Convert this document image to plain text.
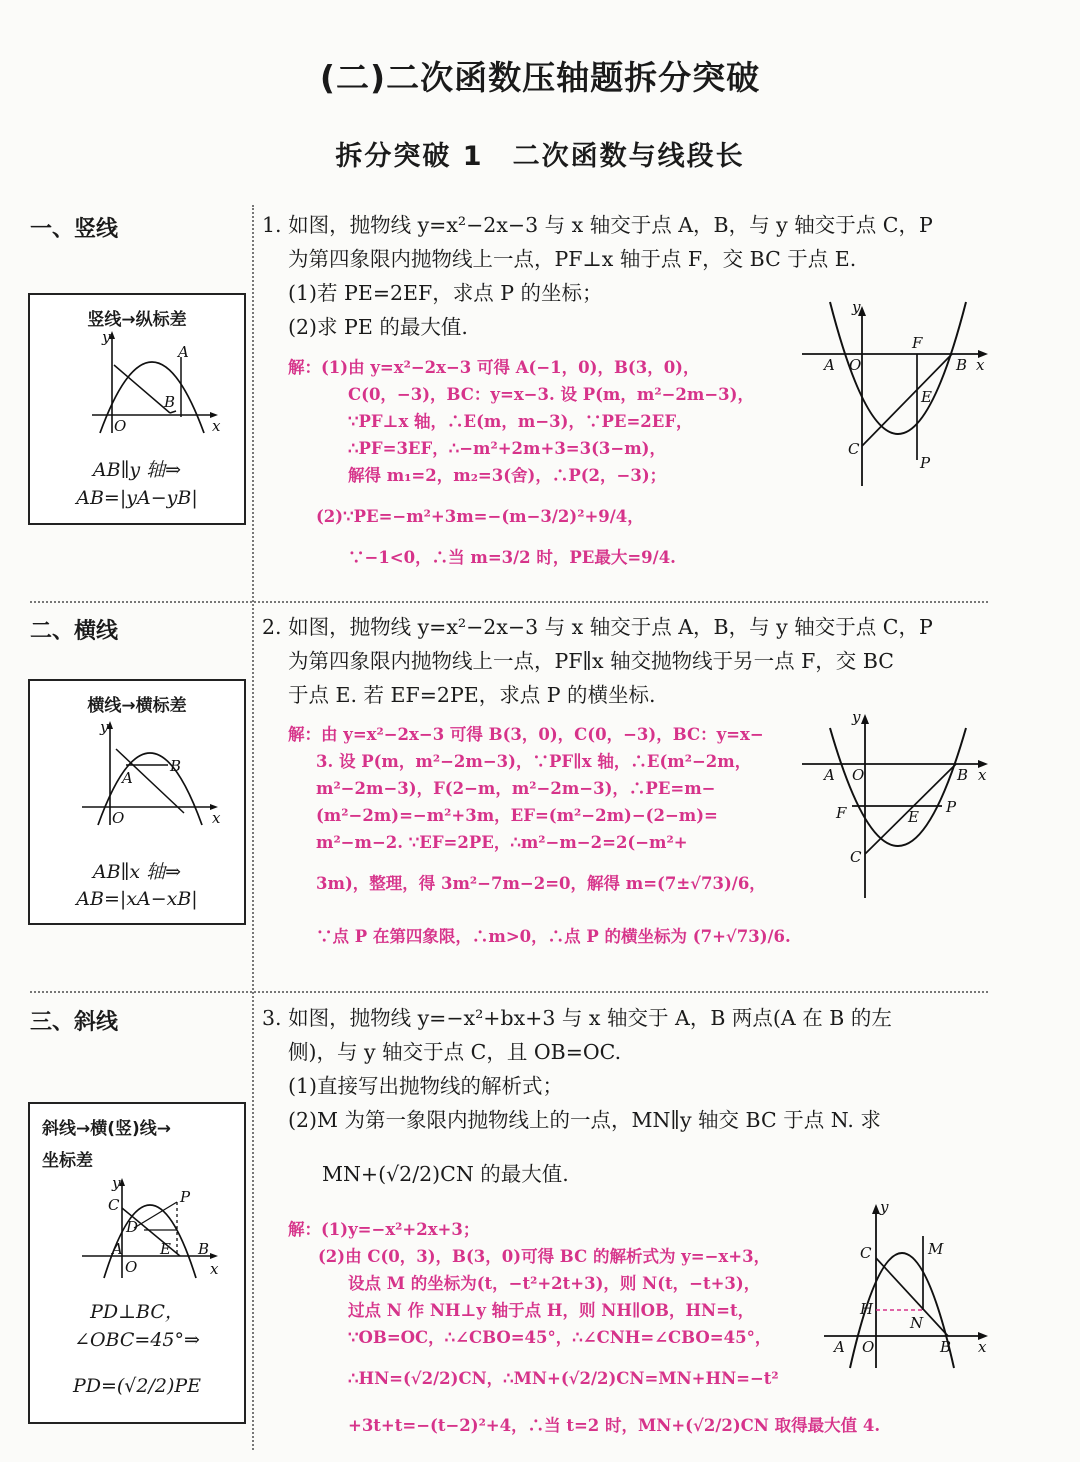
(二)二次函数压轴题拆分突破
拆分突破 1　二次函数与线段长
一、竖线
竖线→纵标差
y
x
O
A
B
AB∥y 轴⇒
AB=|yA−yB|
1. 如图，抛物线 y=x²−2x−3 与 x 轴交于点 A，B，与 y 轴交于点 C，P
为第四象限内抛物线上一点，PF⊥x 轴于点 F，交 BC 于点 E.
(1)若 PE=2EF，求点 P 的坐标；
(2)求 PE 的最大值.
解：(1)由 y=x²−2x−3 可得 A(−1，0)，B(3，0)，
C(0，−3)，BC：y=x−3. 设 P(m，m²−2m−3)，
∵PF⊥x 轴，∴E(m，m−3)，∵PE=2EF，
∴PF=3EF，∴−m²+2m+3=3(3−m)，
解得 m₁=2，m₂=3(舍)，∴P(2，−3)；
(2)∵PE=−m²+3m=−(m−3/2)²+9/4，
∵−1<0，∴当 m=3/2 时，PE最大=9/4.
y
x
A O
F
B
E
C
P
二、横线
横线→横标差
y
x
O
B
A
AB∥x 轴⇒
AB=|xA−xB|
2. 如图，抛物线 y=x²−2x−3 与 x 轴交于点 A，B，与 y 轴交于点 C，P
为第四象限内抛物线上一点，PF∥x 轴交抛物线于另一点 F，交 BC
于点 E. 若 EF=2PE，求点 P 的横坐标.
解：由 y=x²−2x−3 可得 B(3，0)，C(0，−3)，BC：y=x−
3. 设 P(m，m²−2m−3)，∵PF∥x 轴，∴E(m²−2m，
m²−2m−3)，F(2−m，m²−2m−3)，∴PE=m−
(m²−2m)=−m²+3m，EF=(m²−2m)−(2−m)=
m²−m−2. ∵EF=2PE，∴m²−m−2=2(−m²+
3m)，整理，得 3m²−7m−2=0，解得 m=(7±√73)/6，
∵点 P 在第四象限，∴m>0，∴点 P 的横坐标为 (7+√73)/6.
y
x
A O	B
F	E
P
C
三、斜线
斜线→横(竖)线→
坐标差
y
x
O
C	P
D
A E B
PD⊥BC，
∠OBC=45°⇒
PD=(√2/2)PE
3. 如图，抛物线 y=−x²+bx+3 与 x 轴交于 A，B 两点(A 在 B 的左
侧)，与 y 轴交于点 C，且 OB=OC.
(1)直接写出抛物线的解析式；
(2)M 为第一象限内抛物线上的一点，MN∥y 轴交 BC 于点 N. 求
MN+(√2/2)CN 的最大值.
解：(1)y=−x²+2x+3；
(2)由 C(0，3)，B(3，0)可得 BC 的解析式为 y=−x+3，
设点 M 的坐标为(t，−t²+2t+3)，则 N(t，−t+3)，
过点 N 作 NH⊥y 轴于点 H，则 NH∥OB，HN=t，
∵OB=OC，∴∠CBO=45°，∴∠CNH=∠CBO=45°，
∴HN=(√2/2)CN，∴MN+(√2/2)CN=MN+HN=−t²
+3t+t=−(t−2)²+4，∴当 t=2 时，MN+(√2/2)CN 取得最大值 4.
y
x
C	M
H
N
A O	B
